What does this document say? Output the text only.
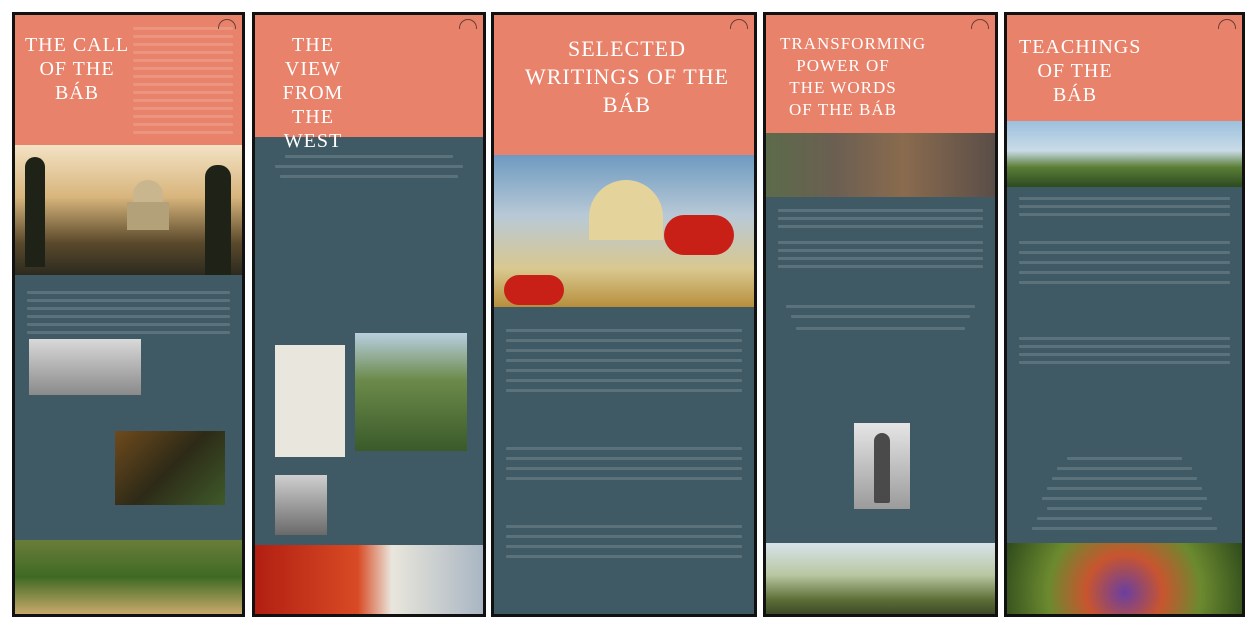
THE CALL OF THE BÁB
THE VIEW FROM THE WEST
SELECTED WRITINGS OF THE BÁB
TRANSFORMING POWER OF THE WORDS OF THE BÁB
TEACHINGS OF THE BÁB
